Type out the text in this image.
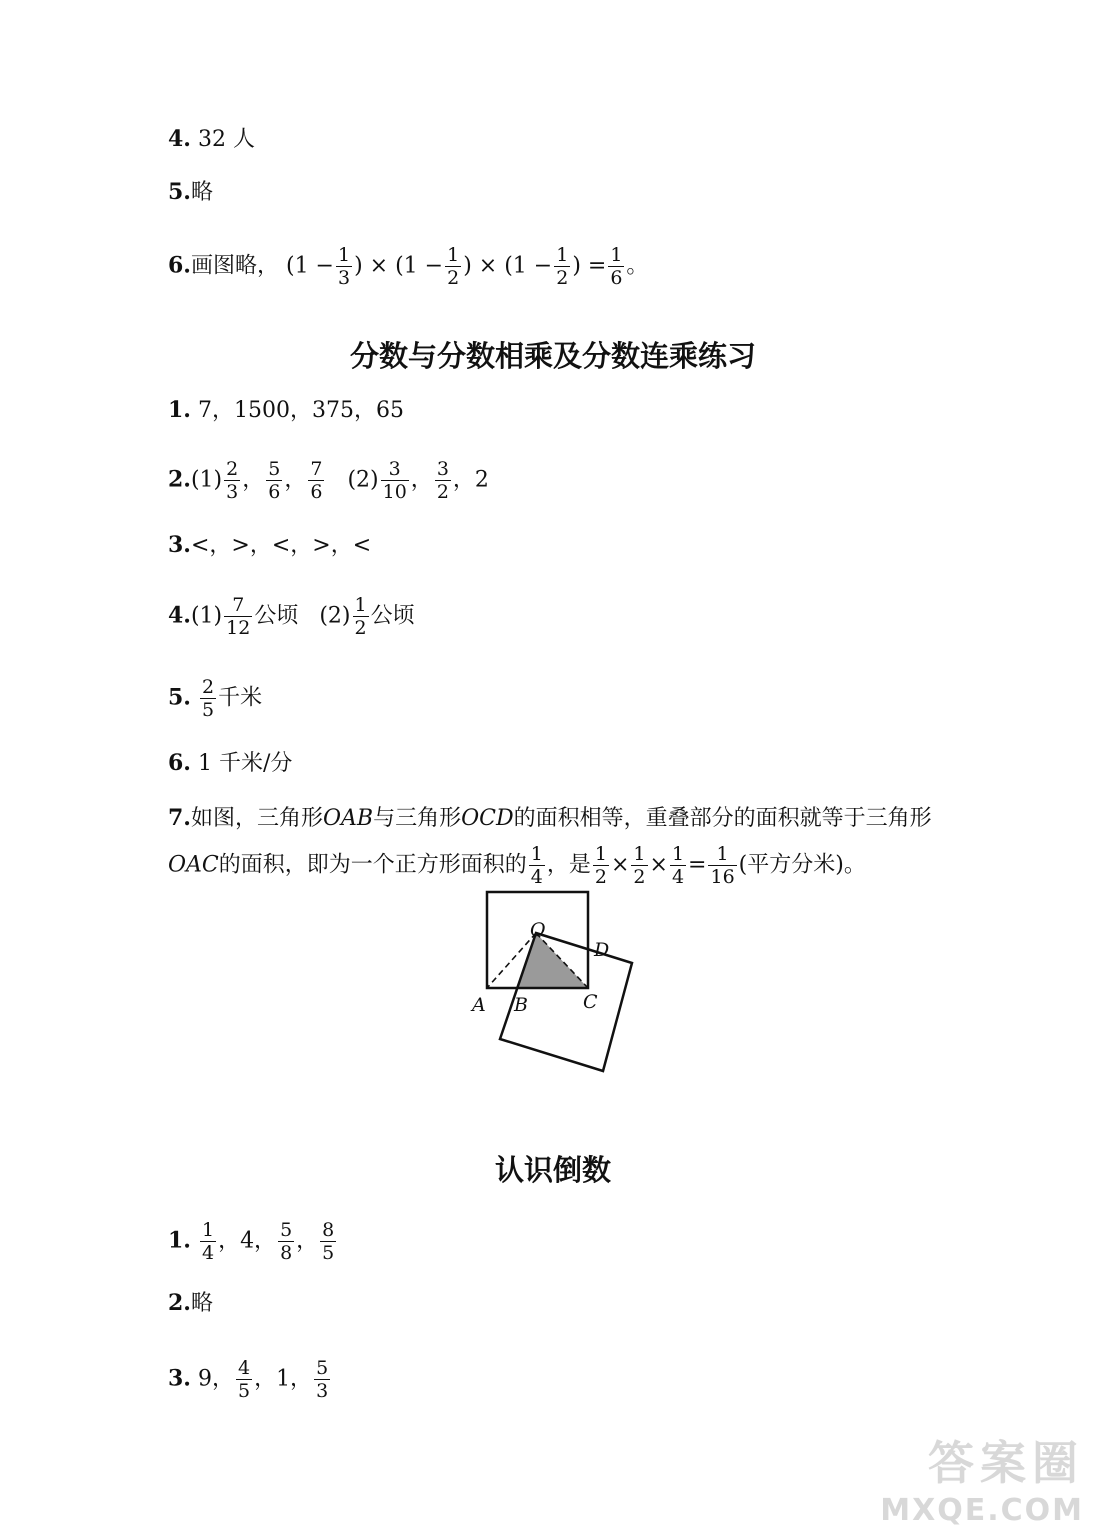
4. 32 人
5.略
6.画图略， ($1 - \frac{1}{3}$ ) × ($1 - \frac{1}{2}$ ) × ($1 - \frac{1}{2}$ ) = $\frac{1}{6}$ 。
分数与分数相乘及分数连乘练习
1. 7，1500，375，65
$2.(1) \frac{2}{3}$ ， $\frac{5}{6}$ ， $\frac{7}{6} (2) \frac{3}{10}$ ， $\frac{3}{2}$ ，2
3.<，>，<，>，<
$4.(1) \frac{7}{12}$ 公顷 $(2) \frac{1}{2}$ 公顷
5. $\frac{2}{5}$ 千米
6. 1 千米/分
7.如图，三角形OAB与三角形OCD的面积相等，重叠部分的面积就等于三角形
OAC的面积，即为一个正方形面积的 $\frac{1}{4}$ ，是 $\frac{1}{2} \times \frac{1}{2} \times \frac{1}{4} = \frac{1}{16}$ (平方分米)。
O
D
A B	C
认识倒数
1. $\frac{1}{4}$ ，4， $\frac{5}{8}$ ， $\frac{8}{5}$
2.略
3. 9， $\frac{4}{5}$ ，1， $\frac{5}{3}$
答案圈
MXQE.COM
